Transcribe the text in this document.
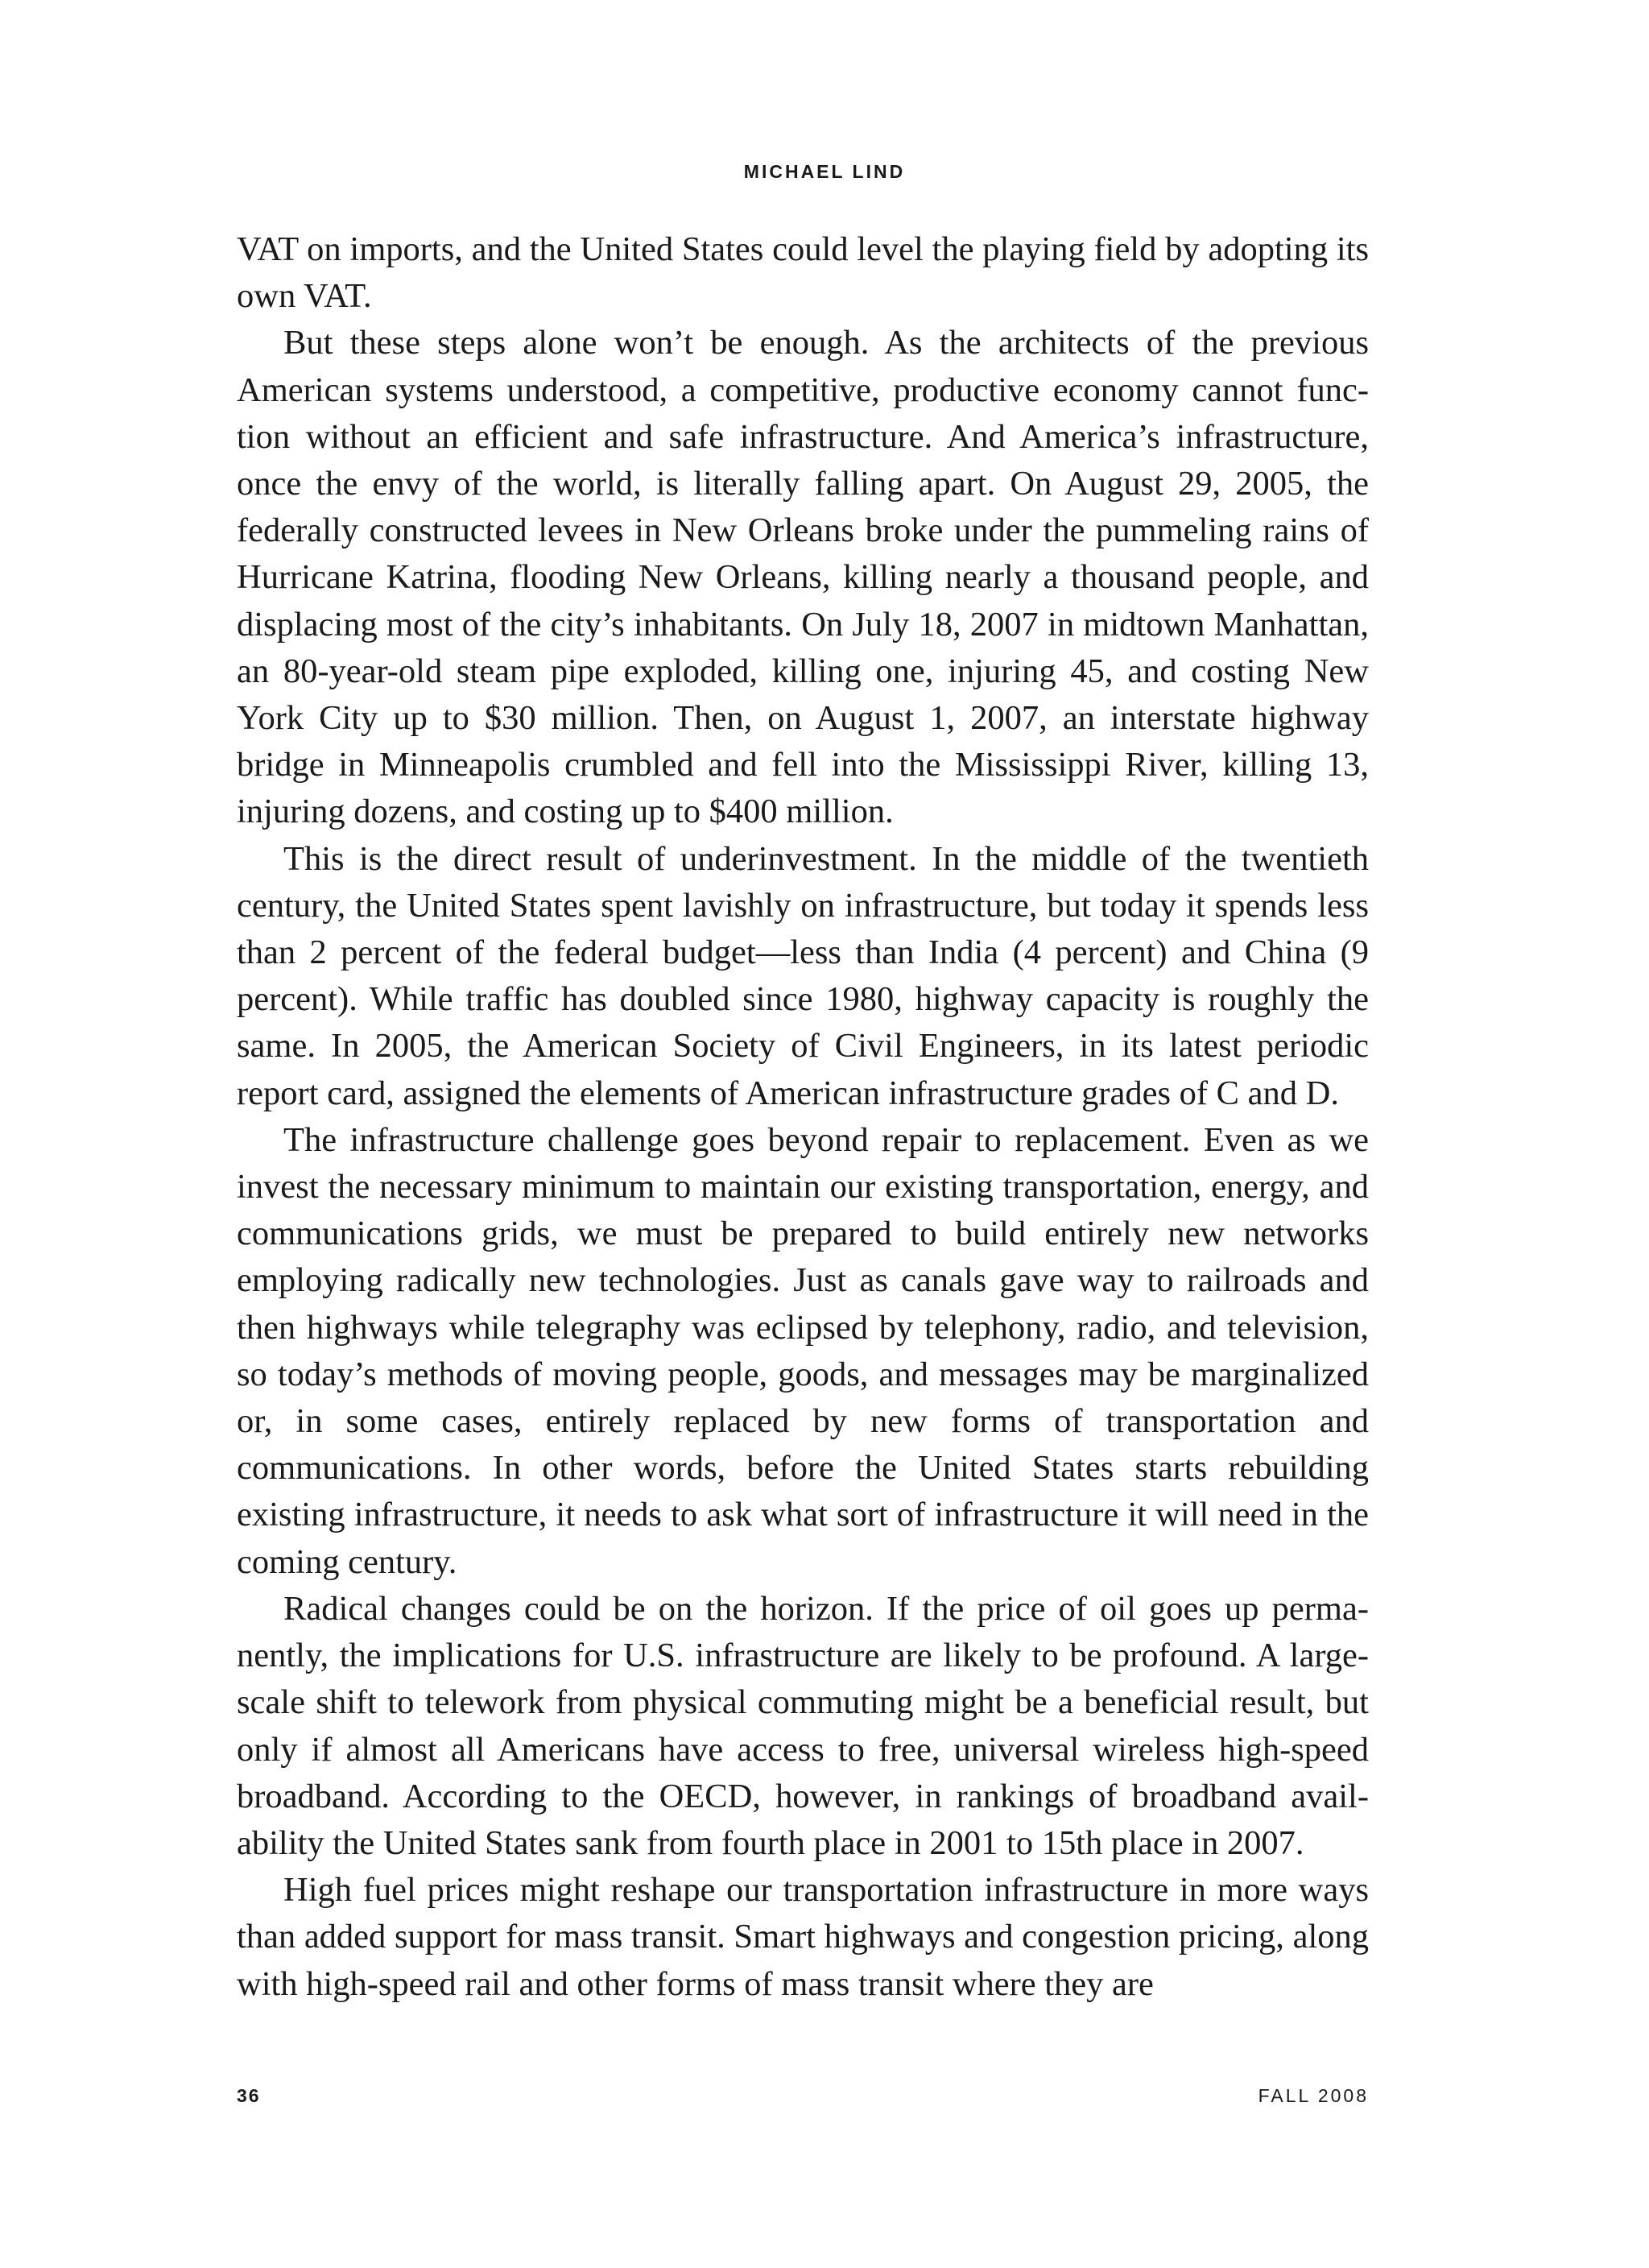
MICHAEL LIND

VAT on imports, and the United States could level the playing field by adopting its own VAT.

But these steps alone won’t be enough. As the architects of the previous American systems understood, a competitive, productive economy cannot function without an efficient and safe infrastructure. And America’s infrastructure, once the envy of the world, is literally falling apart. On August 29, 2005, the federally constructed levees in New Orleans broke under the pummeling rains of Hurricane Katrina, flooding New Orleans, killing nearly a thousand people, and displacing most of the city’s inhabitants. On July 18, 2007 in midtown Manhattan, an 80-year-old steam pipe exploded, killing one, injuring 45, and costing New York City up to $30 million. Then, on August 1, 2007, an interstate highway bridge in Minneapolis crumbled and fell into the Mississippi River, killing 13, injuring dozens, and costing up to $400 million.

This is the direct result of underinvestment. In the middle of the twentieth century, the United States spent lavishly on infrastructure, but today it spends less than 2 percent of the federal budget—less than India (4 percent) and China (9 percent). While traffic has doubled since 1980, highway capacity is roughly the same. In 2005, the American Society of Civil Engineers, in its latest periodic report card, assigned the elements of American infrastructure grades of C and D.

The infrastructure challenge goes beyond repair to replacement. Even as we invest the necessary minimum to maintain our existing transportation, energy, and communications grids, we must be prepared to build entirely new networks employing radically new technologies. Just as canals gave way to railroads and then highways while telegraphy was eclipsed by telephony, radio, and television, so today’s methods of moving people, goods, and messages may be marginalized or, in some cases, entirely replaced by new forms of transportation and communications. In other words, before the United States starts rebuilding existing infrastructure, it needs to ask what sort of infrastructure it will need in the coming century.

Radical changes could be on the horizon. If the price of oil goes up permanently, the implications for U.S. infrastructure are likely to be profound. A large-scale shift to telework from physical commuting might be a beneficial result, but only if almost all Americans have access to free, universal wireless high-speed broadband. According to the OECD, however, in rankings of broadband availability the United States sank from fourth place in 2001 to 15th place in 2007.

High fuel prices might reshape our transportation infrastructure in more ways than added support for mass transit. Smart highways and congestion pricing, along with high-speed rail and other forms of mass transit where they are

36	FALL 2008
